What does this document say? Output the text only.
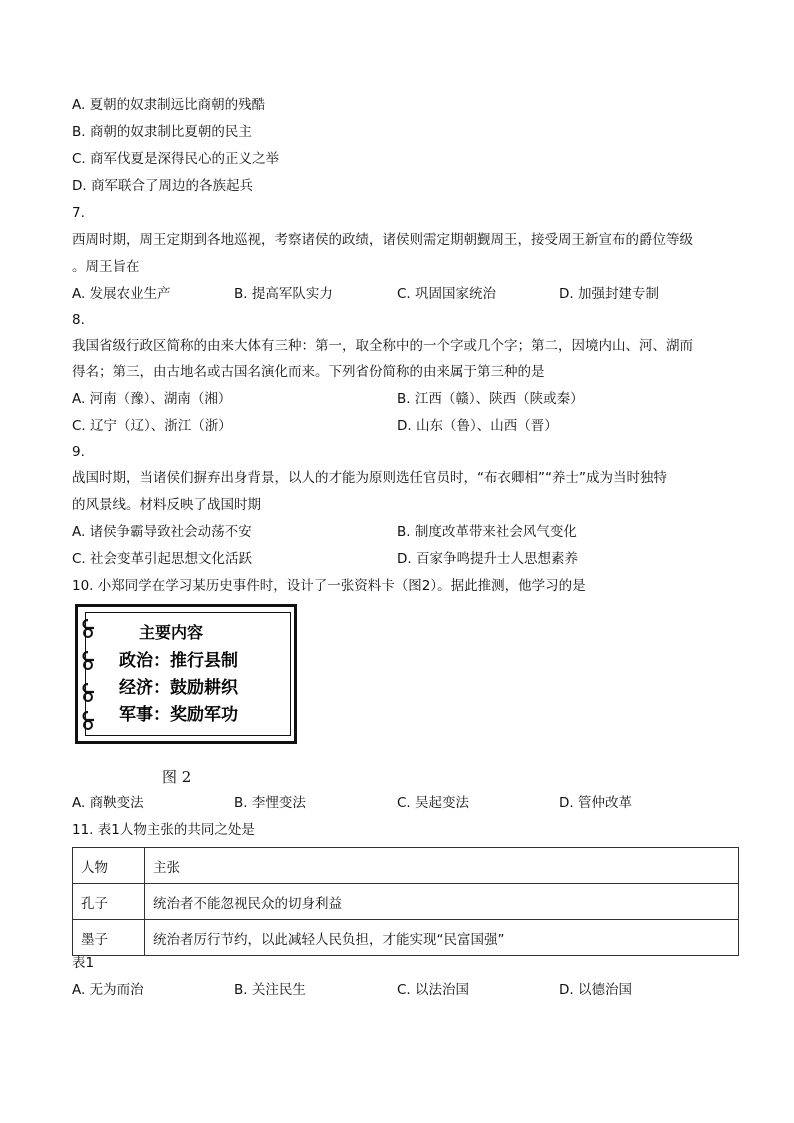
A. 夏朝的奴隶制远比商朝的残酷
B. 商朝的奴隶制比夏朝的民主
C. 商军伐夏是深得民心的正义之举
D. 商军联合了周边的各族起兵
7.
西周时期，周王定期到各地巡视，考察诸侯的政绩，诸侯则需定期朝觐周王，接受周王新宣布的爵位等级
。周王旨在
A. 发展农业生产	B. 提高军队实力	C. 巩固国家统治	D. 加强封建专制
8.
我国省级行政区简称的由来大体有三种：第一，取全称中的一个字或几个字；第二，因境内山、河、湖而
得名；第三，由古地名或古国名演化而来。下列省份简称的由来属于第三种的是
A. 河南（豫）、湖南（湘）	B. 江西（赣）、陕西（陕或秦）
C. 辽宁（辽）、浙江（浙）	D. 山东（鲁）、山西（晋）
9.
战国时期，当诸侯们摒弃出身背景，以人的才能为原则选任官员时，“布衣卿相”“养士”成为当时独特
的风景线。材料反映了战国时期
A. 诸侯争霸导致社会动荡不安	B. 制度改革带来社会风气变化
C. 社会变革引起思想文化活跃	D. 百家争鸣提升士人思想素养
10. 小郑同学在学习某历史事件时，设计了一张资料卡（图2）。据此推测，他学习的是
主要内容
政治：推行县制
经济：鼓励耕织
军事：奖励军功
图 2
A. 商鞅变法	B. 李悝变法	C. 吴起变法	D. 管仲改革
11. 表1人物主张的共同之处是
人物	主张
孔子	统治者不能忽视民众的切身利益
墨子	统治者厉行节约，以此减轻人民负担，才能实现“民富国强”
表1
A. 无为而治	B. 关注民生	C. 以法治国	D. 以德治国
